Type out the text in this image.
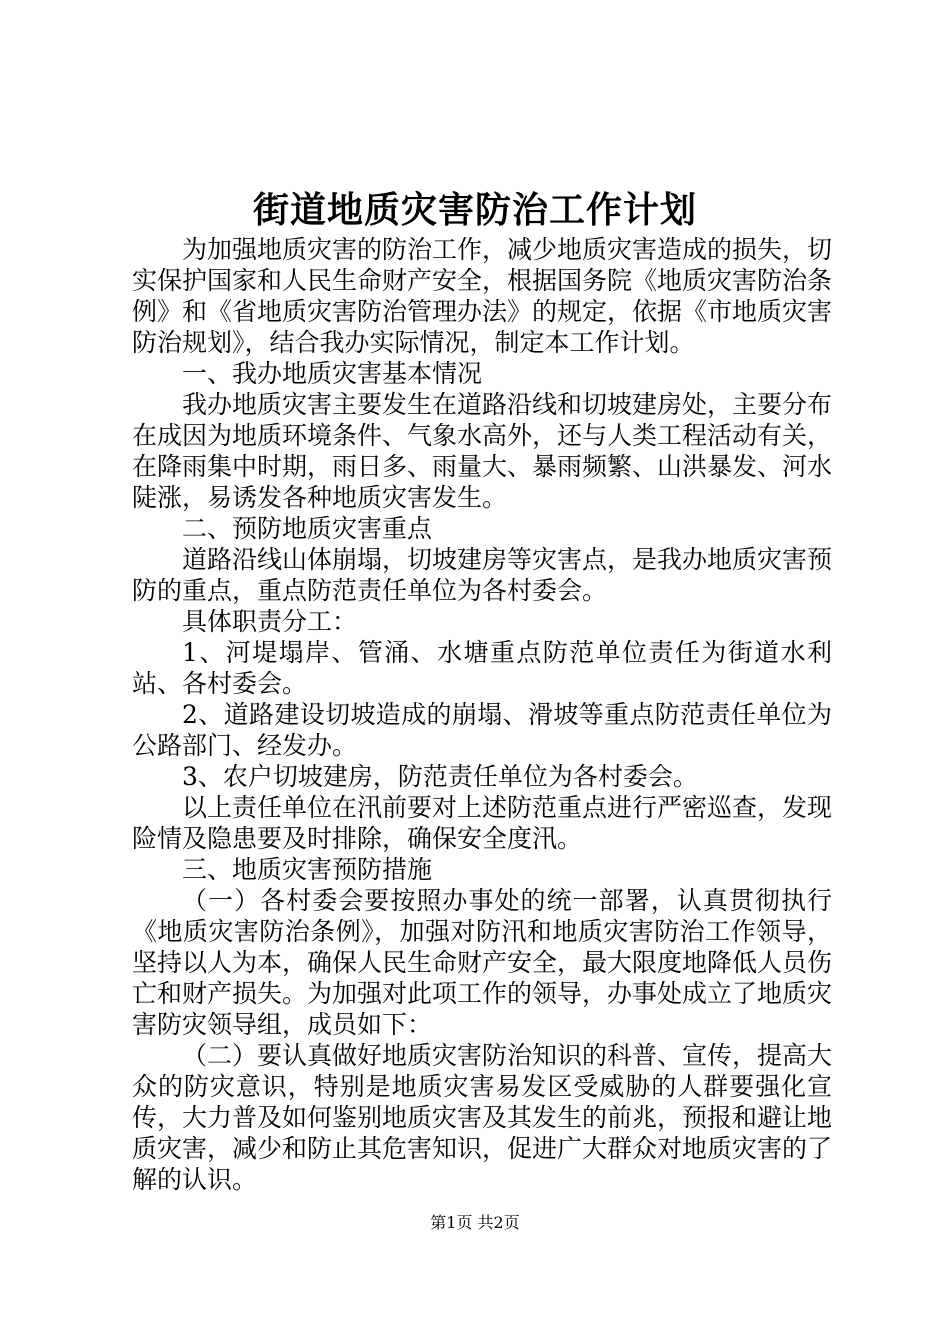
街道地质灾害防治工作计划

为加强地质灾害的防治工作，减少地质灾害造成的损失，切实保护国家和人民生命财产安全，根据国务院《地质灾害防治条例》和《省地质灾害防治管理办法》的规定，依据《市地质灾害防治规划》，结合我办实际情况，制定本工作计划。

一、我办地质灾害基本情况

我办地质灾害主要发生在道路沿线和切坡建房处，主要分布在成因为地质环境条件、气象水高外，还与人类工程活动有关，在降雨集中时期，雨日多、雨量大、暴雨频繁、山洪暴发、河水陡涨，易诱发各种地质灾害发生。

二、预防地质灾害重点

道路沿线山体崩塌，切坡建房等灾害点，是我办地质灾害预防的重点，重点防范责任单位为各村委会。

具体职责分工：

1、河堤塌岸、管涌、水塘重点防范单位责任为街道水利站、各村委会。

2、道路建设切坡造成的崩塌、滑坡等重点防范责任单位为公路部门、经发办。

3、农户切坡建房，防范责任单位为各村委会。

以上责任单位在汛前要对上述防范重点进行严密巡查，发现险情及隐患要及时排除，确保安全度汛。

三、地质灾害预防措施

（一）各村委会要按照办事处的统一部署，认真贯彻执行《地质灾害防治条例》，加强对防汛和地质灾害防治工作领导，坚持以人为本，确保人民生命财产安全，最大限度地降低人员伤亡和财产损失。为加强对此项工作的领导，办事处成立了地质灾害防灾领导组，成员如下：

（二）要认真做好地质灾害防治知识的科普、宣传，提高大众的防灾意识，特别是地质灾害易发区受威胁的人群要强化宣传，大力普及如何鉴别地质灾害及其发生的前兆，预报和避让地质灾害，减少和防止其危害知识，促进广大群众对地质灾害的了解的认识。

第1页 共2页
